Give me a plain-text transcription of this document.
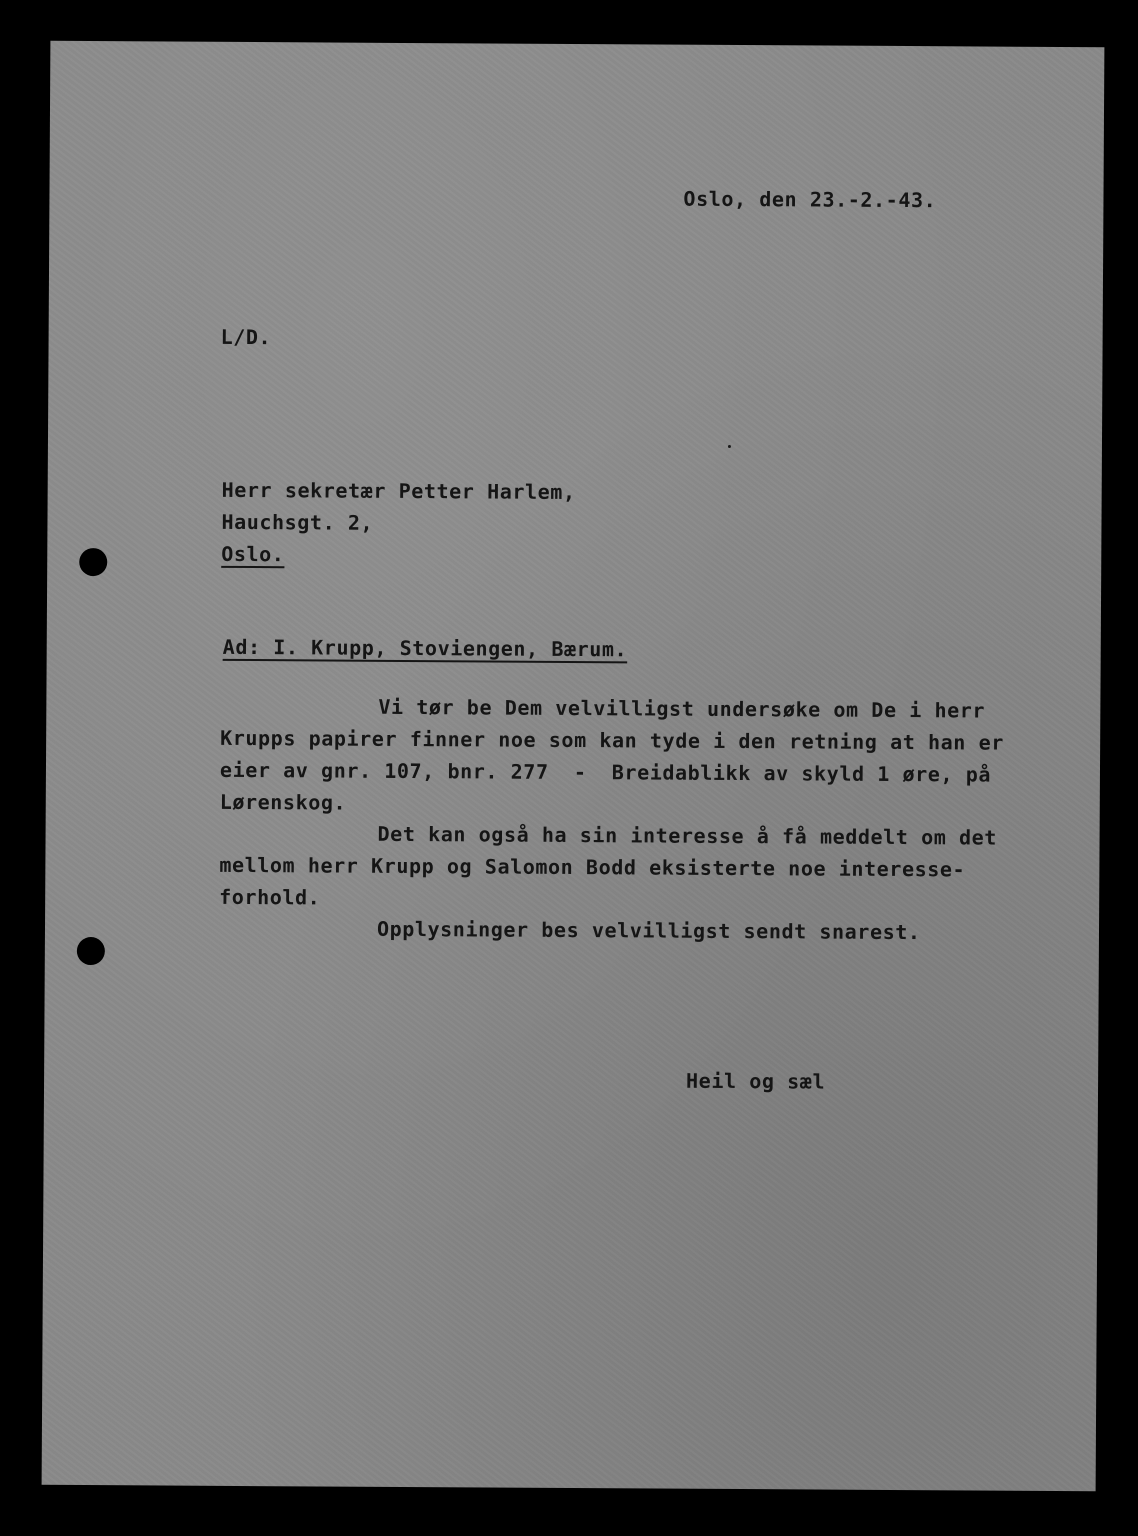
Oslo, den 23.-2.-43.

L/D.

Herr sekretær Petter Harlem,

Hauchsgt. 2,

Oslo.

Ad: I. Krupp, Stoviengen, Bærum.

Vi tør be Dem velvilligst undersøke om De i herr

Krupps papirer finner noe som kan tyde i den retning at han er

eier av gnr. 107, bnr. 277  -  Breidablikk av skyld 1 øre, på

Lørenskog.

Det kan også ha sin interesse å få meddelt om det

mellom herr Krupp og Salomon Bodd eksisterte noe interesse-

forhold.

Opplysninger bes velvilligst sendt snarest.

Heil og sæl
